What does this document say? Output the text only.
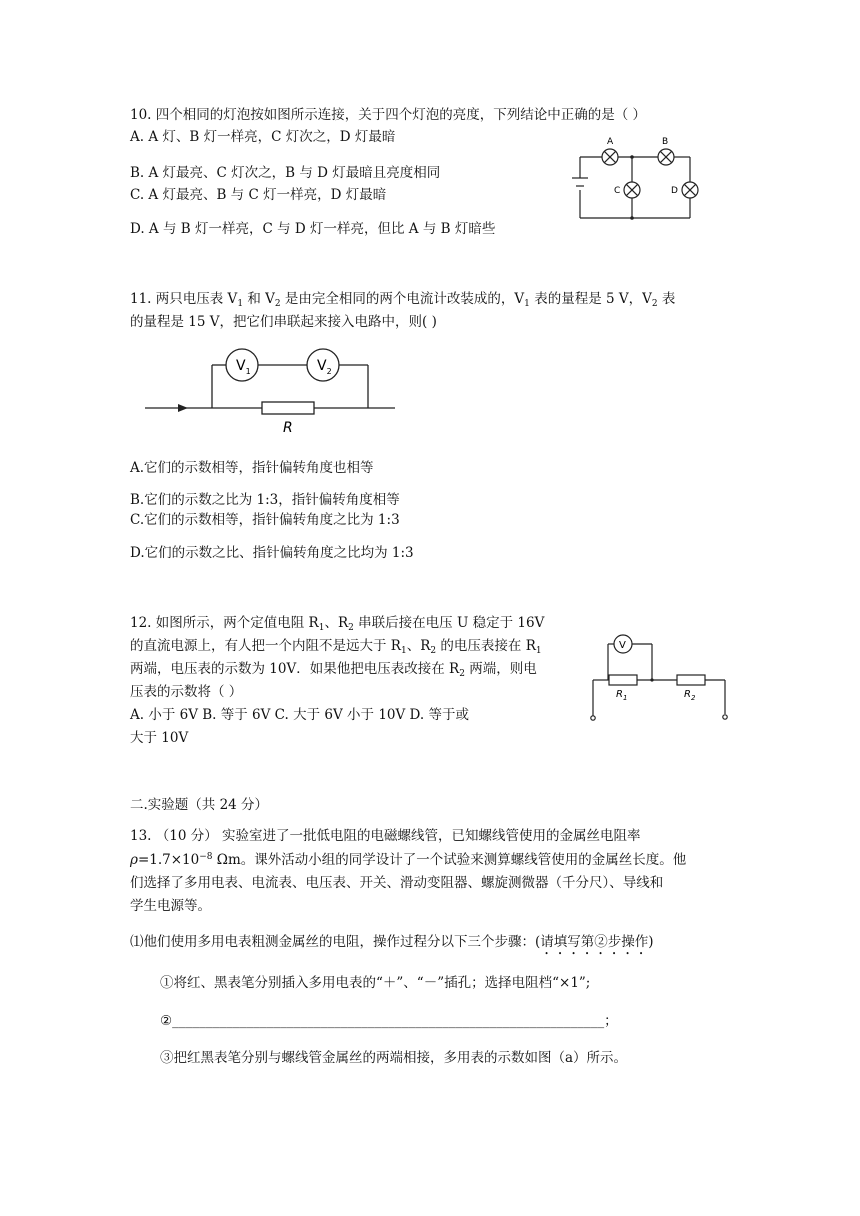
10. 四个相同的灯泡按如图所示连接，关于四个灯泡的亮度，下列结论中正确的是（ ）
A. A 灯、B 灯一样亮，C 灯次之，D 灯最暗
B. A 灯最亮、C 灯次之，B 与 D 灯最暗且亮度相同
C. A 灯最亮、B 与 C 灯一样亮，D 灯最暗
D. A 与 B 灯一样亮，C 与 D 灯一样亮，但比 A 与 B 灯暗些
A	B
C	D
11. 两只电压表 $V_1$ 和 $V_2$ 是由完全相同的两个电流计改装成的，$V_1$ 表的量程是 5 V，$V_2$ 表
的量程是 15 V，把它们串联起来接入电路中，则( )
$V_1$	$V_2$
R
A.它们的示数相等，指针偏转角度也相等
B.它们的示数之比为 1:3，指针偏转角度相等
C.它们的示数相等，指针偏转角度之比为 1:3
D.它们的示数之比、指针偏转角度之比均为 1:3
12. 如图所示，两个定值电阻 $R_1$、$R_2$ 串联后接在电压 U 稳定于 16V
的直流电源上，有人把一个内阻不是远大于 $R_1$、$R_2$ 的电压表接在 $R_1$
两端，电压表的示数为 10V．如果他把电压表改接在 $R_2$ 两端，则电
压表的示数将（ ）
A. 小于 6V B. 等于 6V C. 大于 6V 小于 10V D. 等于或
大于 10V
V
$R_1$	$R_2$
二.实验题（共 24 分）
13. （10 分） 实验室进了一批低电阻的电磁螺线管，已知螺线管使用的金属丝电阻率
$\rho=1.7\times 10^{-8}$ Ωm。课外活动小组的同学设计了一个试验来测算螺线管使用的金属丝长度。他
们选择了多用电表、电流表、电压表、开关、滑动变阻器、螺旋测微器（千分尺）、导线和
学生电源等。
⑴他们使用多用电表粗测金属丝的电阻，操作过程分以下三个步骤：(请填写第②步操作)
①将红、黑表笔分别插入多用电表的“＋”、“－”插孔；选择电阻档“×1”;
②________________________________________________________________；
③把红黑表笔分别与螺线管金属丝的两端相接，多用表的示数如图（a）所示。
